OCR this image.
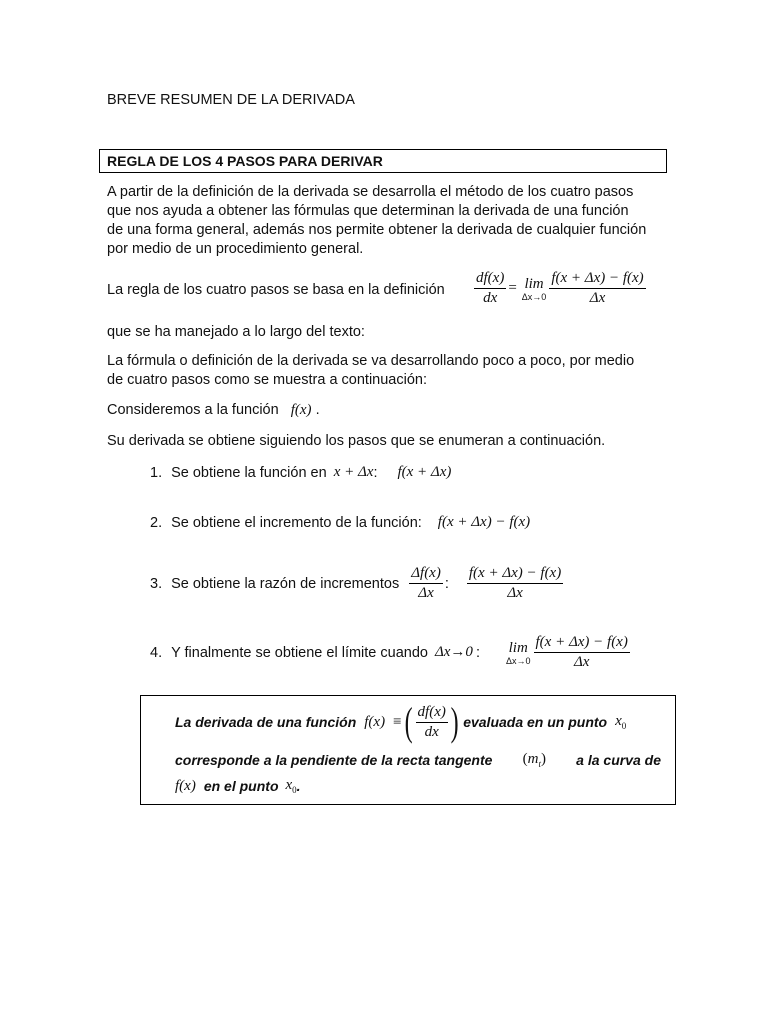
BREVE RESUMEN DE LA DERIVADA
REGLA DE LOS 4 PASOS PARA DERIVAR
A partir de la definición de la derivada se desarrolla el método de los cuatro pasos
que nos ayuda a obtener las fórmulas que determinan la derivada de una función
de una forma general, además nos permite obtener la derivada de cualquier función
por medio de un procedimiento general.
La regla de los cuatro pasos se basa en la definición $\frac{df(x)}{dx} = \lim$
$\Delta x\to 0 \frac{f(x + \Delta x) - f(x)}{\Delta x}$
que se ha manejado a lo largo del texto:
La fórmula o definición de la derivada se va desarrollando poco a poco, por medio
de cuatro pasos como se muestra a continuación:
Consideremos a la función f(x) .
Su derivada se obtiene siguiendo los pasos que se enumeran a continuación.
1. Se obtiene la función en x + Δx : f(x + Δx)
2. Se obtiene el incremento de la función: f(x + Δx) − f(x)
3. Se obtiene la razón de incrementos $\frac{\Delta f(x)}{\Delta x}$ : $\frac{f(x + \Delta x) - f(x)}{\Delta x}$
4. Y finalmente se obtiene el límite cuando Δx→0 : lim
$\Delta x\to 0 \frac{f(x + \Delta x) - f(x)}{\Delta x}$
La derivada de una función f(x) ≡ ( $\frac{df(x)}{dx}$ ) evaluada en un punto $x_0$
corresponde a la pendiente de la recta tangente $(m_t)$ a la curva de
f(x) en el punto $x_0$ .
